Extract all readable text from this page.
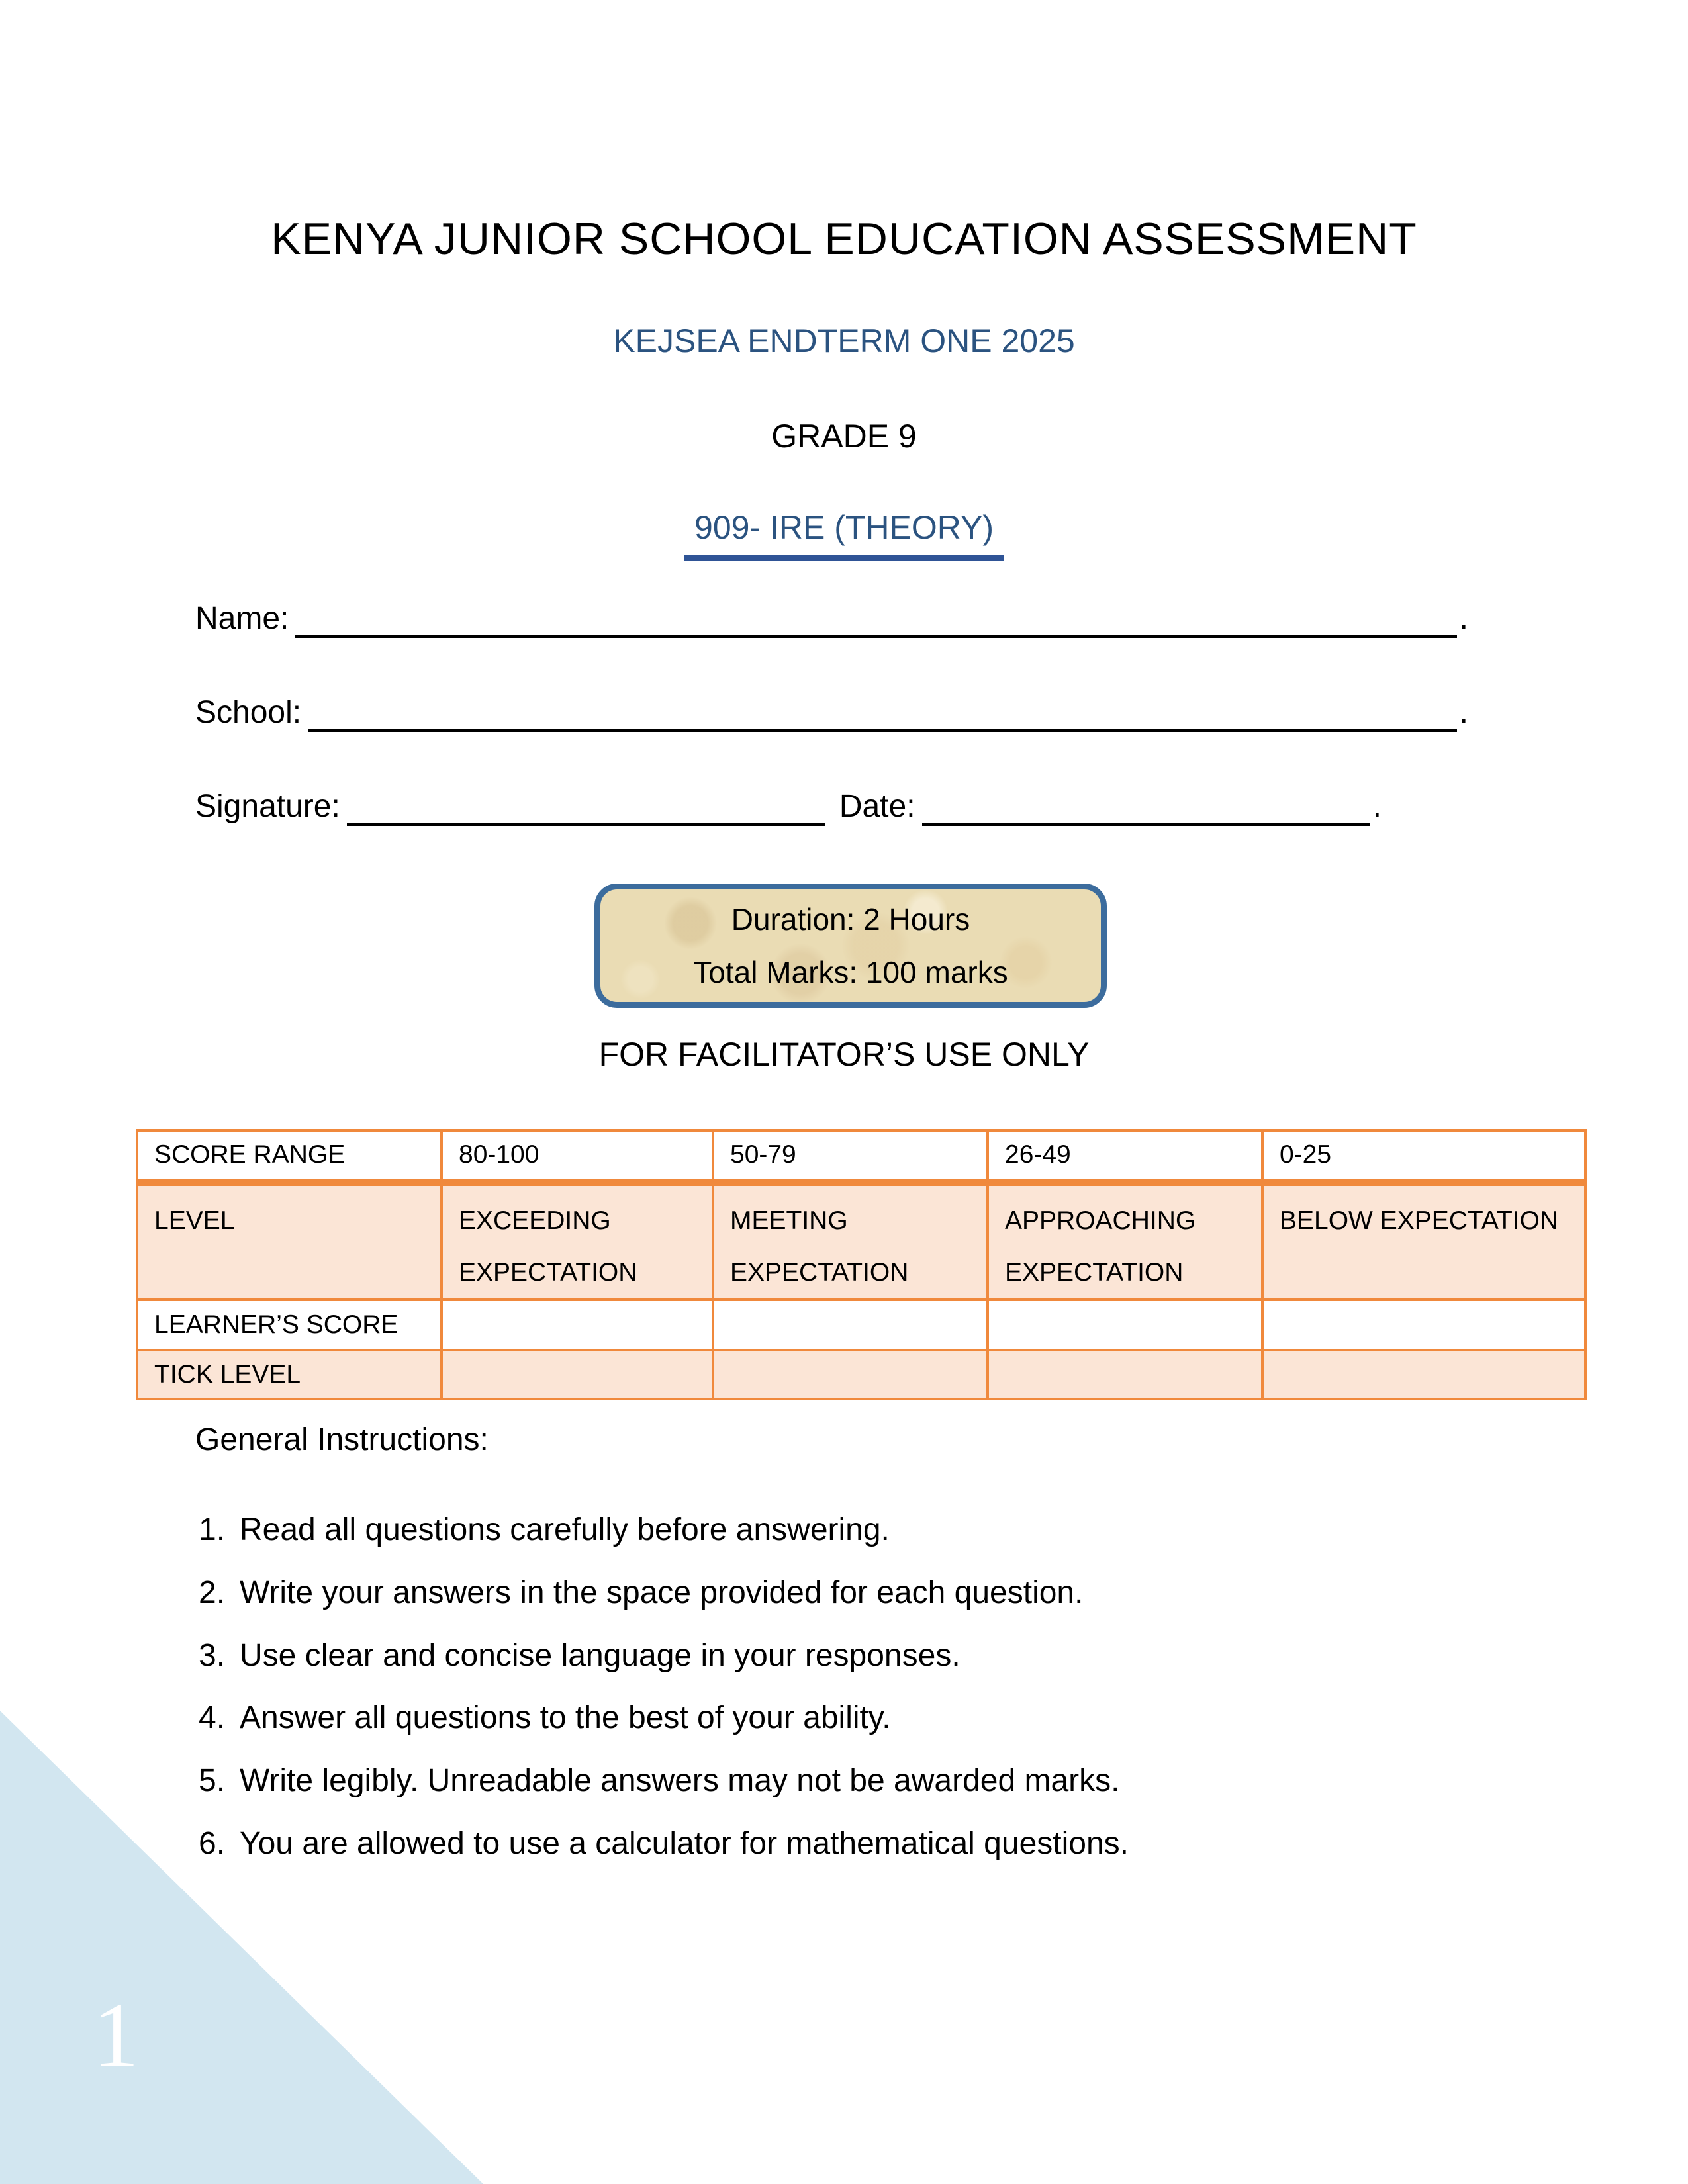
KENYA JUNIOR SCHOOL EDUCATION ASSESSMENT
KEJSEA ENDTERM ONE 2025
GRADE 9
909- IRE (THEORY)
Name:	.
School:	.
Signature:	Date:	.
Duration: 2 Hours
Total Marks: 100 marks
FOR FACILITATOR’S USE ONLY
SCORE RANGE	80-100	50-79	26-49	0-25
LEVEL	EXCEEDING EXPECTATION	MEETING EXPECTATION	APPROACHING EXPECTATION	BELOW EXPECTATION
LEARNER’S SCORE				
TICK LEVEL				
General Instructions:
1. Read all questions carefully before answering.
2. Write your answers in the space provided for each question.
3. Use clear and concise language in your responses.
4. Answer all questions to the best of your ability.
5. Write legibly. Unreadable answers may not be awarded marks.
6. You are allowed to use a calculator for mathematical questions.
1
